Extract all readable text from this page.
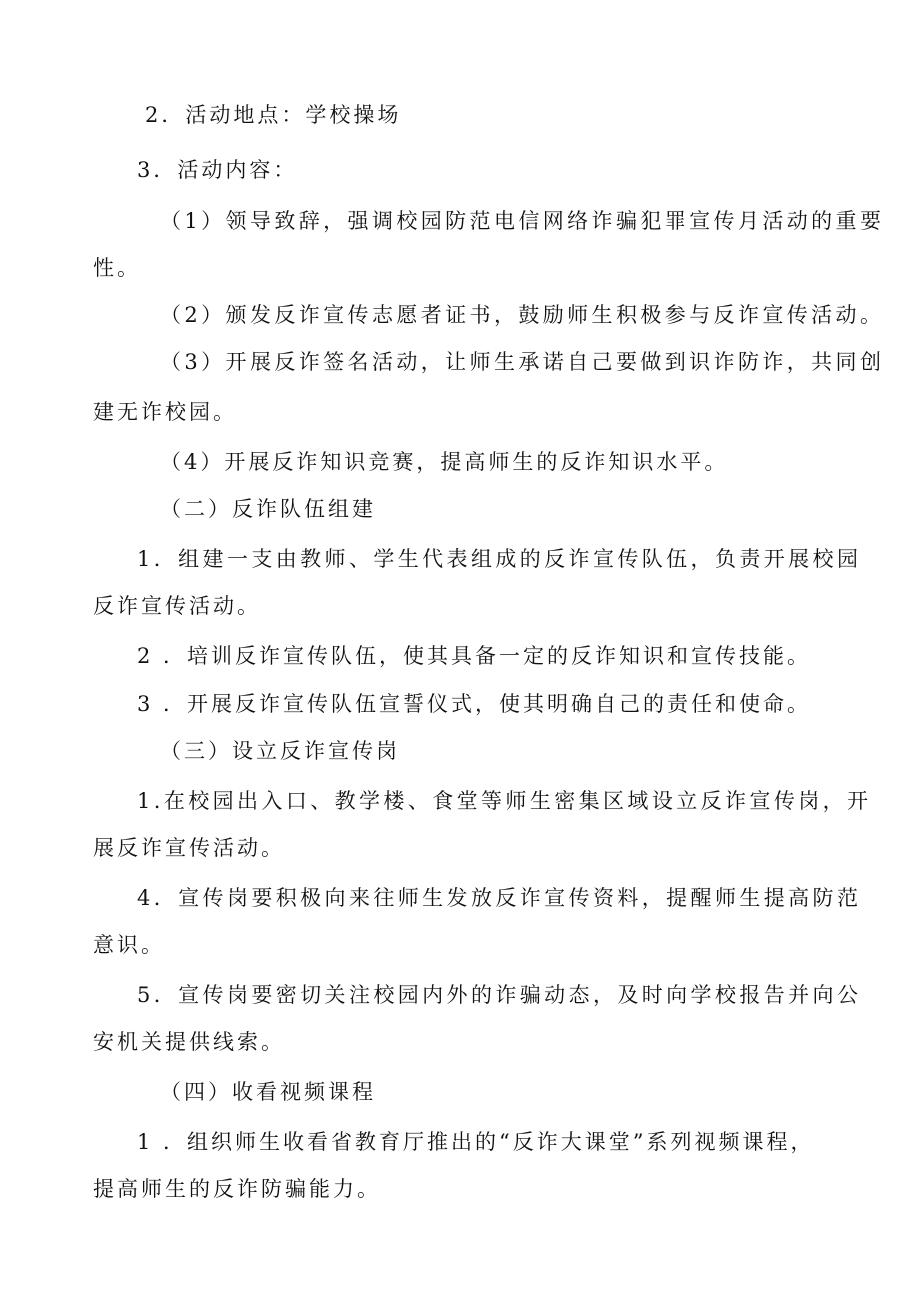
2．活动地点：学校操场
3．活动内容：
（1）领导致辞，强调校园防范电信网络诈骗犯罪宣传月活动的重要
性。
（2）颁发反诈宣传志愿者证书，鼓励师生积极参与反诈宣传活动。
（3）开展反诈签名活动，让师生承诺自己要做到识诈防诈，共同创
建无诈校园。
（4）开展反诈知识竞赛，提高师生的反诈知识水平。
（二）反诈队伍组建
1．组建一支由教师、学生代表组成的反诈宣传队伍，负责开展校园
反诈宣传活动。
2 ．培训反诈宣传队伍，使其具备一定的反诈知识和宣传技能。
3 ．开展反诈宣传队伍宣誓仪式，使其明确自己的责任和使命。
（三）设立反诈宣传岗
1.在校园出入口、教学楼、食堂等师生密集区域设立反诈宣传岗，开
展反诈宣传活动。
4．宣传岗要积极向来往师生发放反诈宣传资料，提醒师生提高防范
意识。
5．宣传岗要密切关注校园内外的诈骗动态，及时向学校报告并向公
安机关提供线索。
（四）收看视频课程
1 ．组织师生收看省教育厅推出的“反诈大课堂”系列视频课程，
提高师生的反诈防骗能力。
